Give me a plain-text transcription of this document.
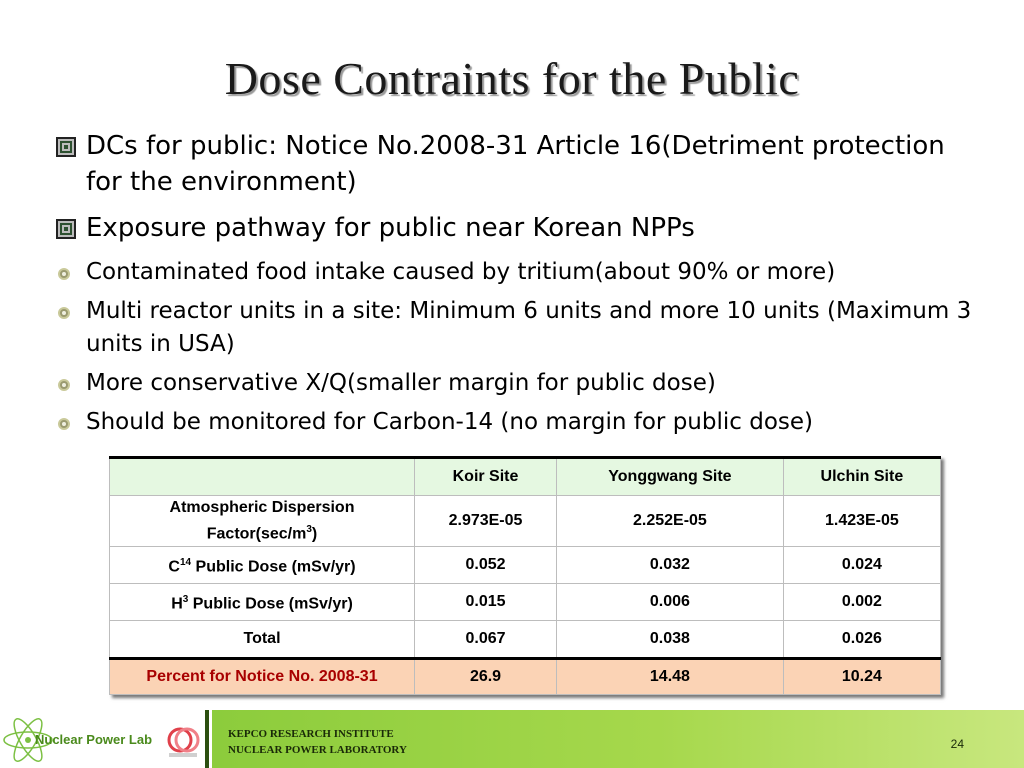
Dose Contraints for the Public
DCs for public: Notice No.2008-31 Article 16(Detriment protection for the environment)
Exposure pathway for public near Korean NPPs
Contaminated food intake caused by tritium(about 90% or more)
Multi reactor units in a site: Minimum 6 units and more 10 units (Maximum 3 units in USA)
More conservative X/Q(smaller margin for public dose)
Should be monitored for Carbon-14 (no margin for public dose)
	Koir Site	Yonggwang Site	Ulchin Site
Atmospheric Dispersion
$Factor(\sec/m^3)$	2.973E-05	2.252E-05	1.423E-05
$C^{14}$ Public Dose (mSv/yr)	0.052	0.032	0.024
$H^3$ Public Dose (mSv/yr)	0.015	0.006	0.002
Total	0.067	0.038	0.026
Percent for Notice No. 2008-31	26.9	14.48	10.24
Nuclear Power Lab	KEPCO RESEARCH INSTITUTE
NUCLEAR POWER LABORATORY	24
